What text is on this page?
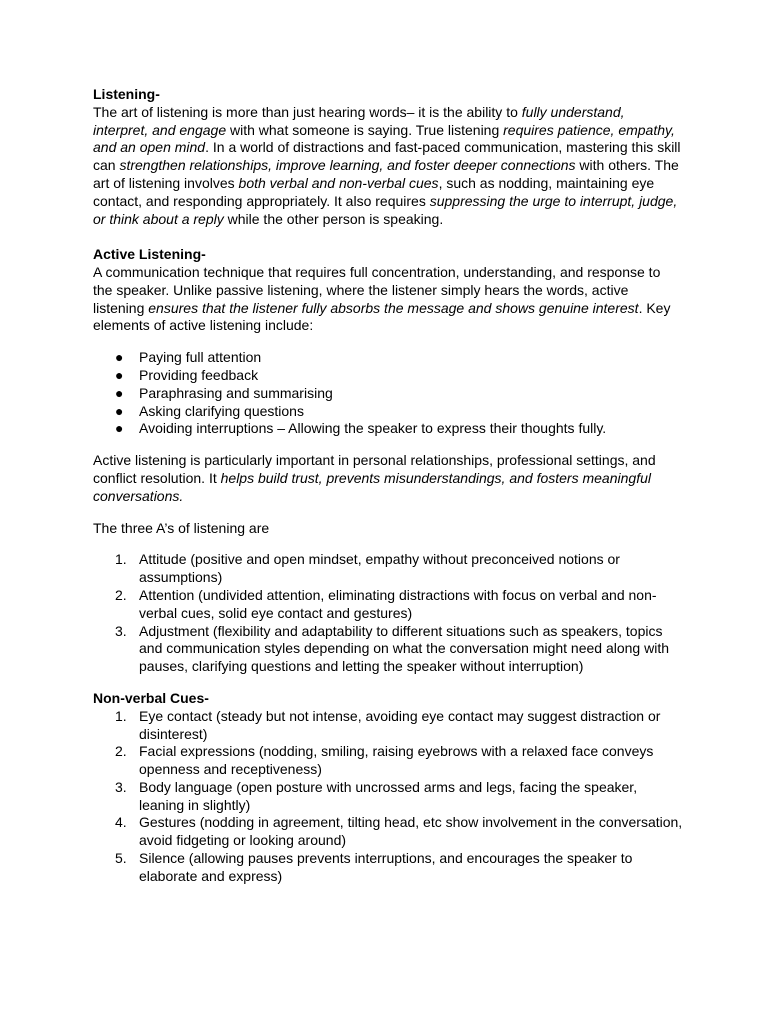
Listening-

The art of listening is more than just hearing words– it is the ability to fully understand, interpret, and engage with what someone is saying. True listening requires patience, empathy, and an open mind. In a world of distractions and fast-paced communication, mastering this skill can strengthen relationships, improve learning, and foster deeper connections with others. The art of listening involves both verbal and non-verbal cues, such as nodding, maintaining eye contact, and responding appropriately. It also requires suppressing the urge to interrupt, judge, or think about a reply while the other person is speaking.

Active Listening-

A communication technique that requires full concentration, understanding, and response to the speaker. Unlike passive listening, where the listener simply hears the words, active listening ensures that the listener fully absorbs the message and shows genuine interest. Key elements of active listening include:

● Paying full attention
● Providing feedback
● Paraphrasing and summarising
● Asking clarifying questions
● Avoiding interruptions – Allowing the speaker to express their thoughts fully.

Active listening is particularly important in personal relationships, professional settings, and conflict resolution. It helps build trust, prevents misunderstandings, and fosters meaningful conversations.

The three A’s of listening are

1. Attitude (positive and open mindset, empathy without preconceived notions or assumptions)
2. Attention (undivided attention, eliminating distractions with focus on verbal and non-verbal cues, solid eye contact and gestures)
3. Adjustment (flexibility and adaptability to different situations such as speakers, topics and communication styles depending on what the conversation might need along with pauses, clarifying questions and letting the speaker without interruption)
Non-verbal Cues-
1. Eye contact (steady but not intense, avoiding eye contact may suggest distraction or disinterest)
2. Facial expressions (nodding, smiling, raising eyebrows with a relaxed face conveys openness and receptiveness)
3. Body language (open posture with uncrossed arms and legs, facing the speaker, leaning in slightly)
4. Gestures (nodding in agreement, tilting head, etc show involvement in the conversation, avoid fidgeting or looking around)
5. Silence (allowing pauses prevents interruptions, and encourages the speaker to elaborate and express)
